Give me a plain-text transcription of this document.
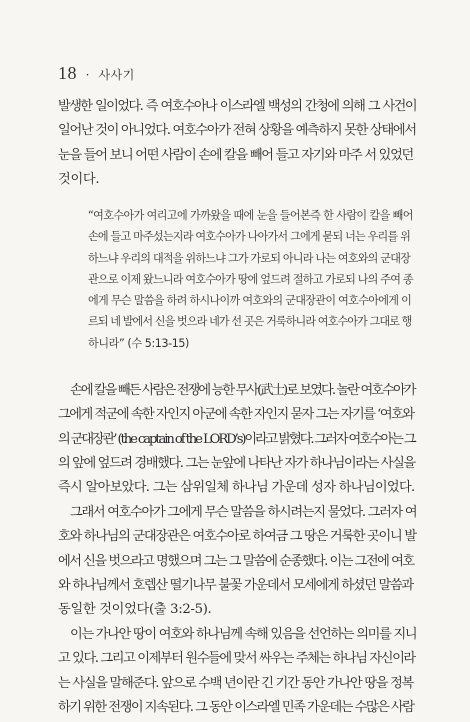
18 · 사사기
발생한 일이었다. 즉 여호수아나 이스라엘 백성의 간청에 의해 그 사건이
일어난 것이 아니었다. 여호수아가 전혀 상황을 예측하지 못한 상태에서
눈을 들어 보니 어떤 사람이 손에 칼을 빼어 들고 자기와 마주 서 있었던
것이다.
“여호수아가 여리고에 가까왔을 때에 눈을 들어본즉 한 사람이 칼을 빼어
손에 들고 마주섰는지라 여호수아가 나아가서 그에게 묻되 너는 우리를 위
하느냐 우리의 대적을 위하느냐 그가 가로되 아니라 나는 여호와의 군대장
관으로 이제 왔느니라 여호수아가 땅에 엎드려 절하고 가로되 나의 주여 종
에게 무슨 말씀을 하려 하시나이까 여호와의 군대장관이 여호수아에게 이
르되 네 발에서 신을 벗으라 네가 선 곳은 거룩하니라 여호수아가 그대로 행
하니라” (수 5:13-15)
손에 칼을 빼든 사람은 전쟁에 능한 무사(武士)로 보였다. 놀란 여호수아가
그에게 적군에 속한 자인지 아군에 속한 자인지 묻자 그는 자기를 ‘여호와
의 군대장관’ (the captain of the LORD’s)이라고 밝혔다. 그러자 여호수아는 그
의 앞에 엎드려 경배했다. 그는 눈앞에 나타난 자가 하나님이라는 사실을
즉시 알아보았다. 그는 삼위일체 하나님 가운데 성자 하나님이었다.
그래서 여호수아가 그에게 무슨 말씀을 하시려는지 물었다. 그러자 여
호와 하나님의 군대장관은 여호수아로 하여금 그 땅은 거룩한 곳이니 발
에서 신을 벗으라고 명했으며 그는 그 말씀에 순종했다. 이는 그전에 여호
와 하나님께서 호렙산 떨기나무 불꽃 가운데서 모세에게 하셨던 말씀과
동일한 것이었다(출 3:2-5).
이는 가나안 땅이 여호와 하나님께 속해 있음을 선언하는 의미를 지니
고 있다. 그리고 이제부터 원수들에 맞서 싸우는 주체는 하나님 자신이라
는 사실을 말해준다. 앞으로 수백 년이란 긴 기간 동안 가나안 땅을 정복
하기 위한 전쟁이 지속된다. 그 동안 이스라엘 민족 가운데는 수많은 사람
